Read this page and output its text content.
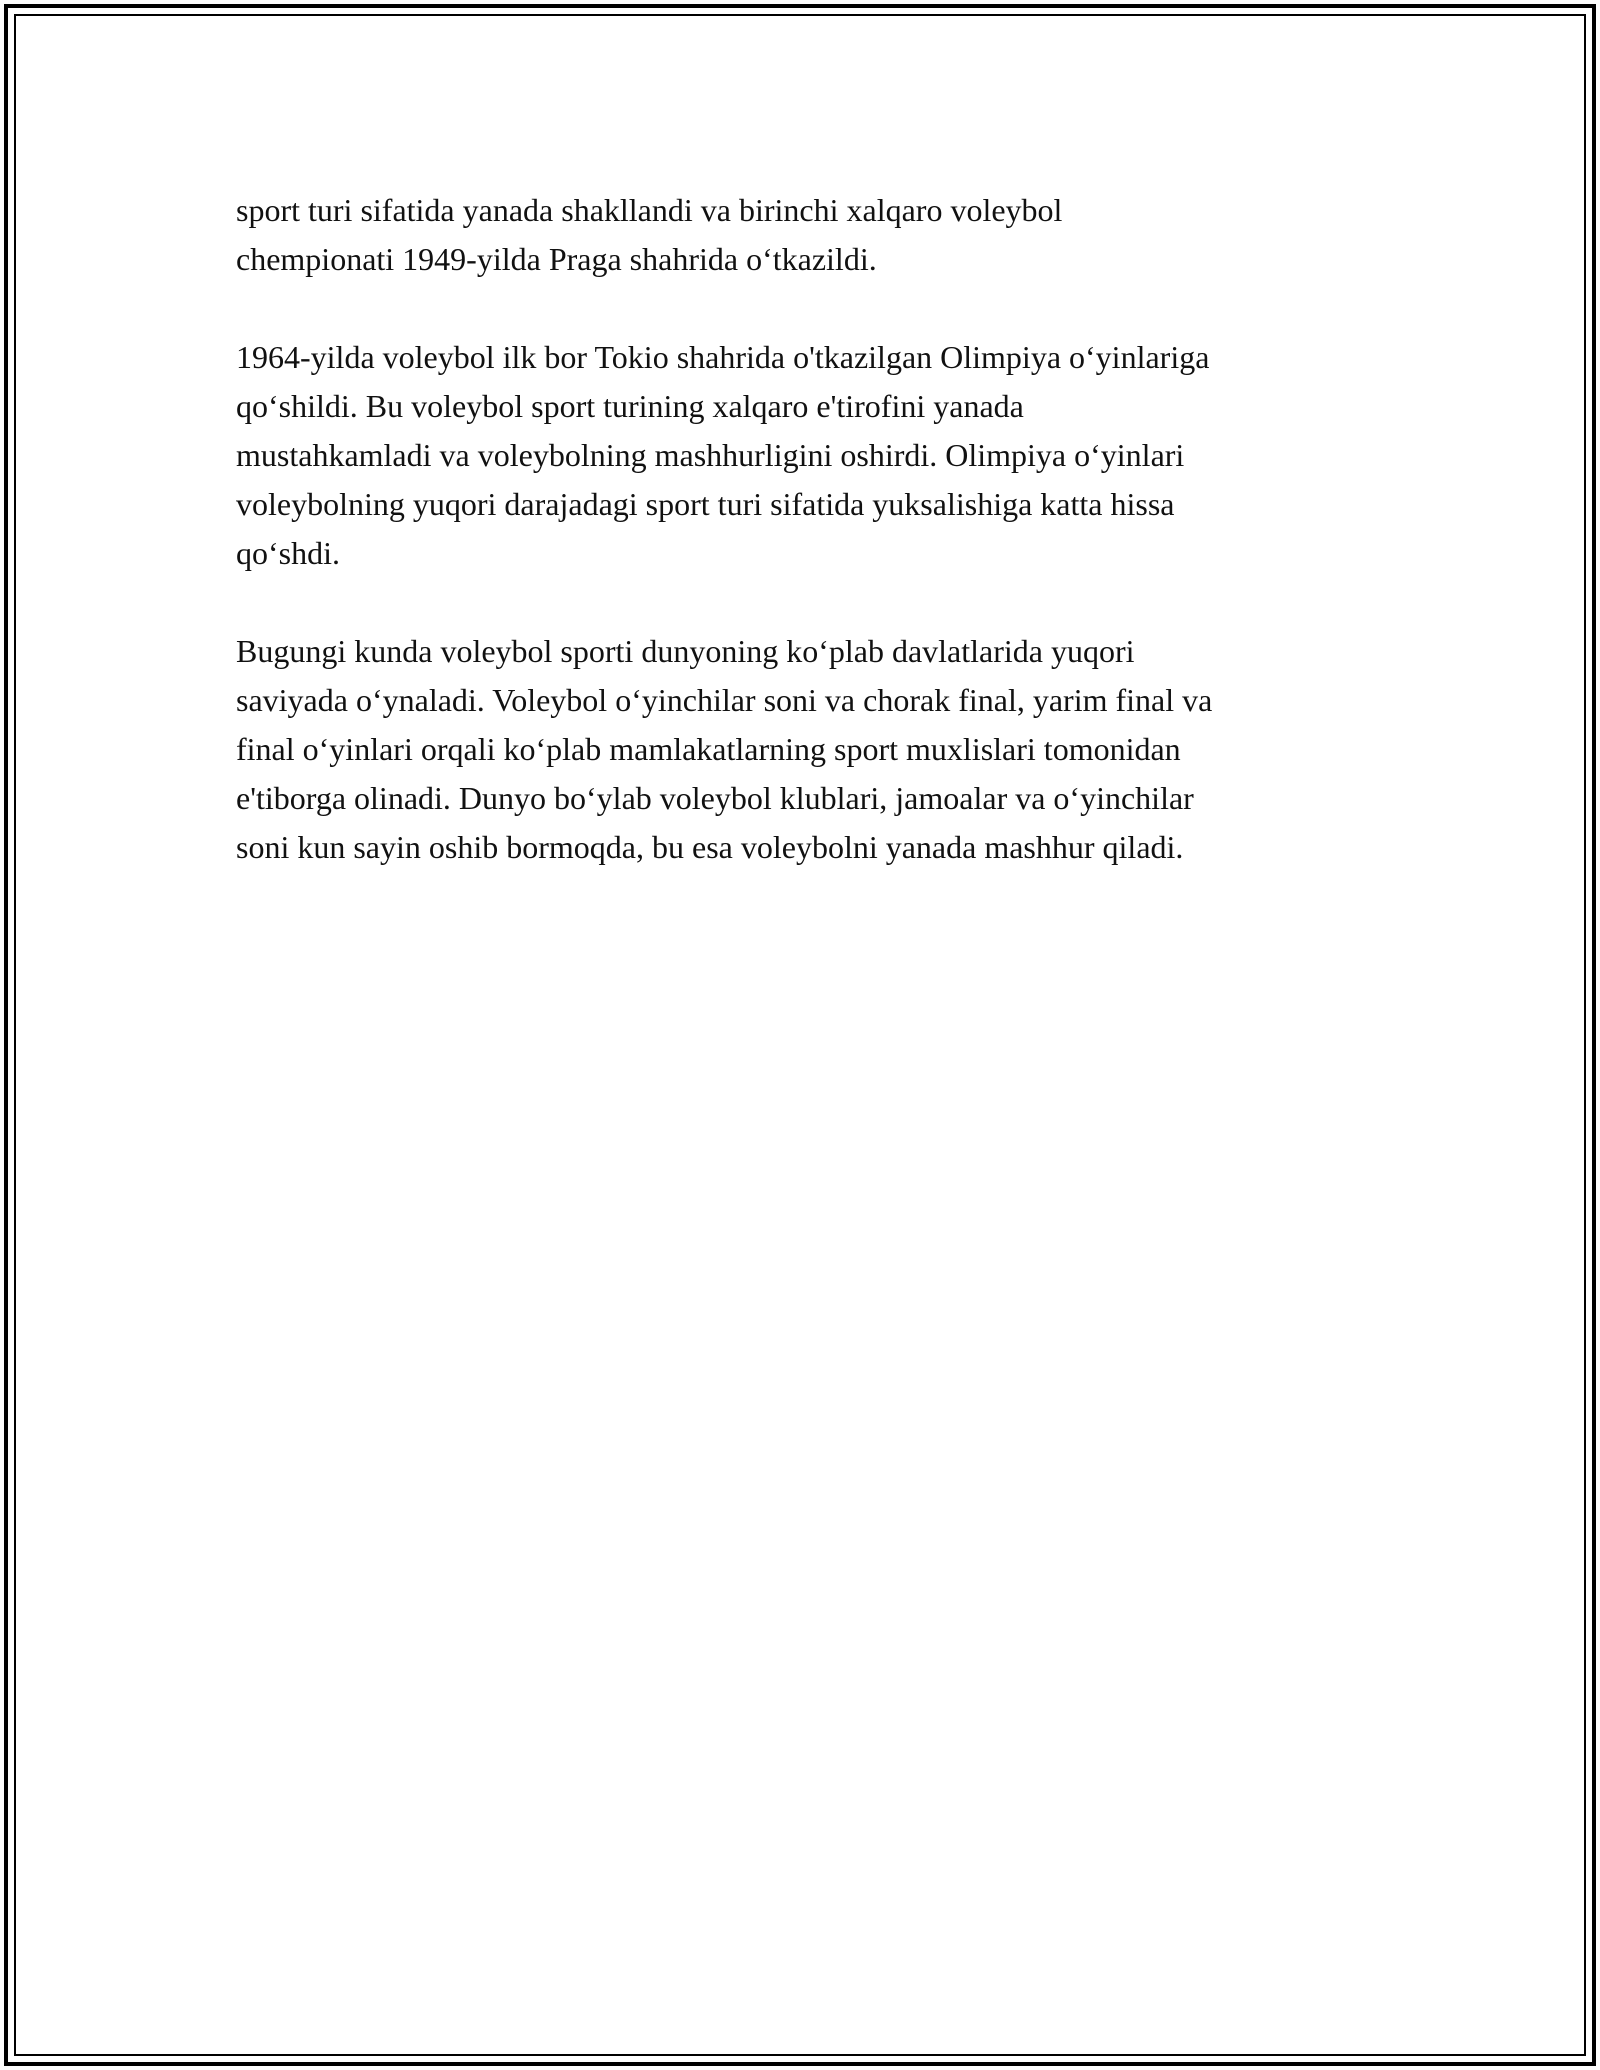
sport turi sifatida yanada shakllandi va birinchi xalqaro voleybol
chempionati 1949-yilda Praga shahrida o‘tkazildi.

1964-yilda voleybol ilk bor Tokio shahrida o'tkazilgan Olimpiya o‘yinlariga
qo‘shildi. Bu voleybol sport turining xalqaro e'tirofini yanada
mustahkamladi va voleybolning mashhurligini oshirdi. Olimpiya o‘yinlari
voleybolning yuqori darajadagi sport turi sifatida yuksalishiga katta hissa
qo‘shdi.

Bugungi kunda voleybol sporti dunyoning ko‘plab davlatlarida yuqori
saviyada o‘ynaladi. Voleybol o‘yinchilar soni va chorak final, yarim final va
final o‘yinlari orqali ko‘plab mamlakatlarning sport muxlislari tomonidan
e'tiborga olinadi. Dunyo bo‘ylab voleybol klublari, jamoalar va o‘yinchilar
soni kun sayin oshib bormoqda, bu esa voleybolni yanada mashhur qiladi.
